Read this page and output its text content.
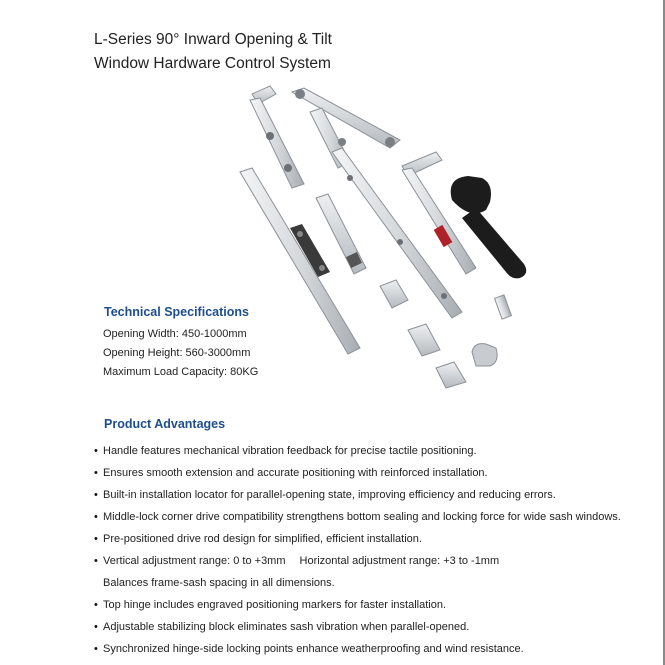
L-Series 90° Inward Opening & Tilt
Window Hardware Control System
Technical Specifications
Opening Width: 450-1000mm
Opening Height: 560-3000mm
Maximum Load Capacity: 80KG
Product Advantages
• Handle features mechanical vibration feedback for precise tactile positioning.
• Ensures smooth extension and accurate positioning with reinforced installation.
• Built-in installation locator for parallel-opening state, improving efficiency and reducing errors.
• Middle-lock corner drive compatibility strengthens bottom sealing and locking force for wide sash windows.
• Pre-positioned drive rod design for simplified, efficient installation.
• Vertical adjustment range: 0 to +3mm Horizontal adjustment range: +3 to -1mm
Balances frame-sash spacing in all dimensions.
• Top hinge includes engraved positioning markers for faster installation.
• Adjustable stabilizing block eliminates sash vibration when parallel-opened.
• Synchronized hinge-side locking points enhance weatherproofing and wind resistance.
